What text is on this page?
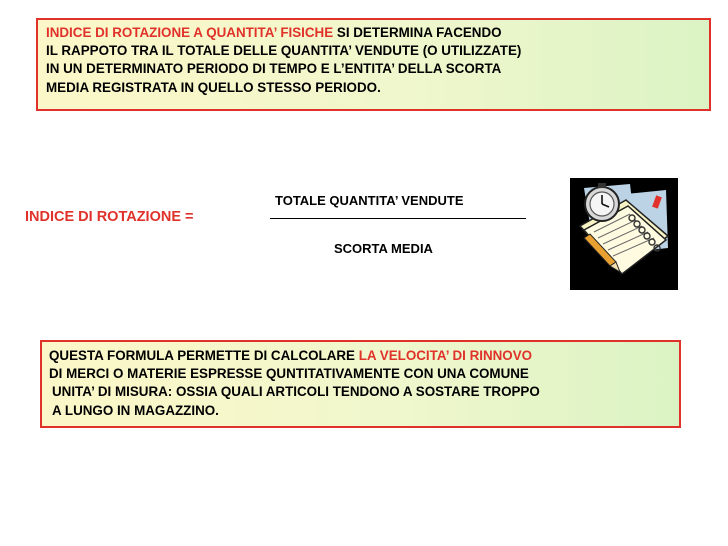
INDICE DI ROTAZIONE A QUANTITA’ FISICHE SI DETERMINA FACENDO
IL RAPPOTO TRA IL TOTALE DELLE QUANTITA’ VENDUTE (O UTILIZZATE)
IN UN DETERMINATO PERIODO DI TEMPO E L’ENTITA’ DELLA SCORTA
MEDIA REGISTRATA IN QUELLO STESSO PERIODO.
INDICE DI ROTAZIONE =
TOTALE QUANTITA’ VENDUTE
SCORTA MEDIA
QUESTA FORMULA PERMETTE DI CALCOLARE LA VELOCITA’ DI RINNOVO
DI MERCI O MATERIE ESPRESSE QUNTITATIVAMENTE CON UNA COMUNE
UNITA’ DI MISURA: OSSIA QUALI ARTICOLI TENDONO A SOSTARE TROPPO
A LUNGO IN MAGAZZINO.
